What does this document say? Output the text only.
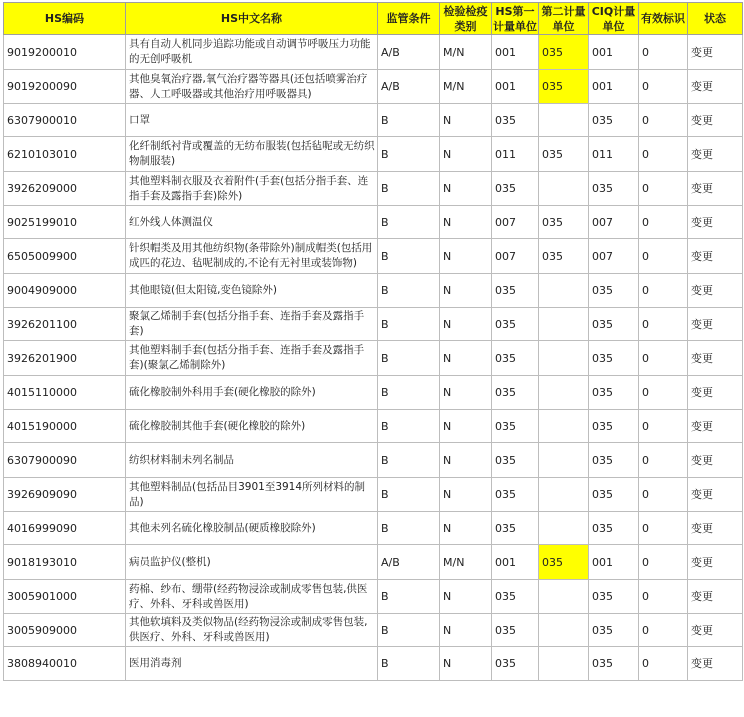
HS编码	HS中文名称	监管条件	检验检疫类别	HS第一计量单位	第二计量单位	CIQ计量单位	有效标识	状态
9019200010	具有自动人机同步追踪功能或自动调节呼吸压力功能的无创呼吸机	A/B	M/N	001	035	001	0	变更
9019200090	其他臭氧治疗器,氧气治疗器等器具(还包括喷雾治疗器、人工呼吸器或其他治疗用呼吸器具)	A/B	M/N	001	035	001	0	变更
6307900010	口罩	B	N	035		035	0	变更
6210103010	化纤制纸衬背或覆盖的无纺布服装(包括毡呢或无纺织物制服装)	B	N	011	035	011	0	变更
3926209000	其他塑料制衣服及衣着附件(手套(包括分指手套、连指手套及露指手套)除外)	B	N	035		035	0	变更
9025199010	红外线人体测温仪	B	N	007	035	007	0	变更
6505009900	针织帽类及用其他纺织物(条带除外)制成帽类(包括用成匹的花边、毡呢制成的,不论有无衬里或装饰物)	B	N	007	035	007	0	变更
9004909000	其他眼镜(但太阳镜,变色镜除外)	B	N	035		035	0	变更
3926201100	聚氯乙烯制手套(包括分指手套、连指手套及露指手套)	B	N	035		035	0	变更
3926201900	其他塑料制手套(包括分指手套、连指手套及露指手套)(聚氯乙烯制除外)	B	N	035		035	0	变更
4015110000	硫化橡胶制外科用手套(硬化橡胶的除外)	B	N	035		035	0	变更
4015190000	硫化橡胶制其他手套(硬化橡胶的除外)	B	N	035		035	0	变更
6307900090	纺织材料制未列名制品	B	N	035		035	0	变更
3926909090	其他塑料制品(包括品目3901至3914所列材料的制品)	B	N	035		035	0	变更
4016999090	其他未列名硫化橡胶制品(硬质橡胶除外)	B	N	035		035	0	变更
9018193010	病员监护仪(整机)	A/B	M/N	001	035	001	0	变更
3005901000	药棉、纱布、绷带(经药物浸涂或制成零售包装,供医疗、外科、牙科或兽医用)	B	N	035		035	0	变更
3005909000	其他软填料及类似物品(经药物浸涂或制成零售包装,供医疗、外科、牙科或兽医用)	B	N	035		035	0	变更
3808940010	医用消毒剂	B	N	035		035	0	变更
